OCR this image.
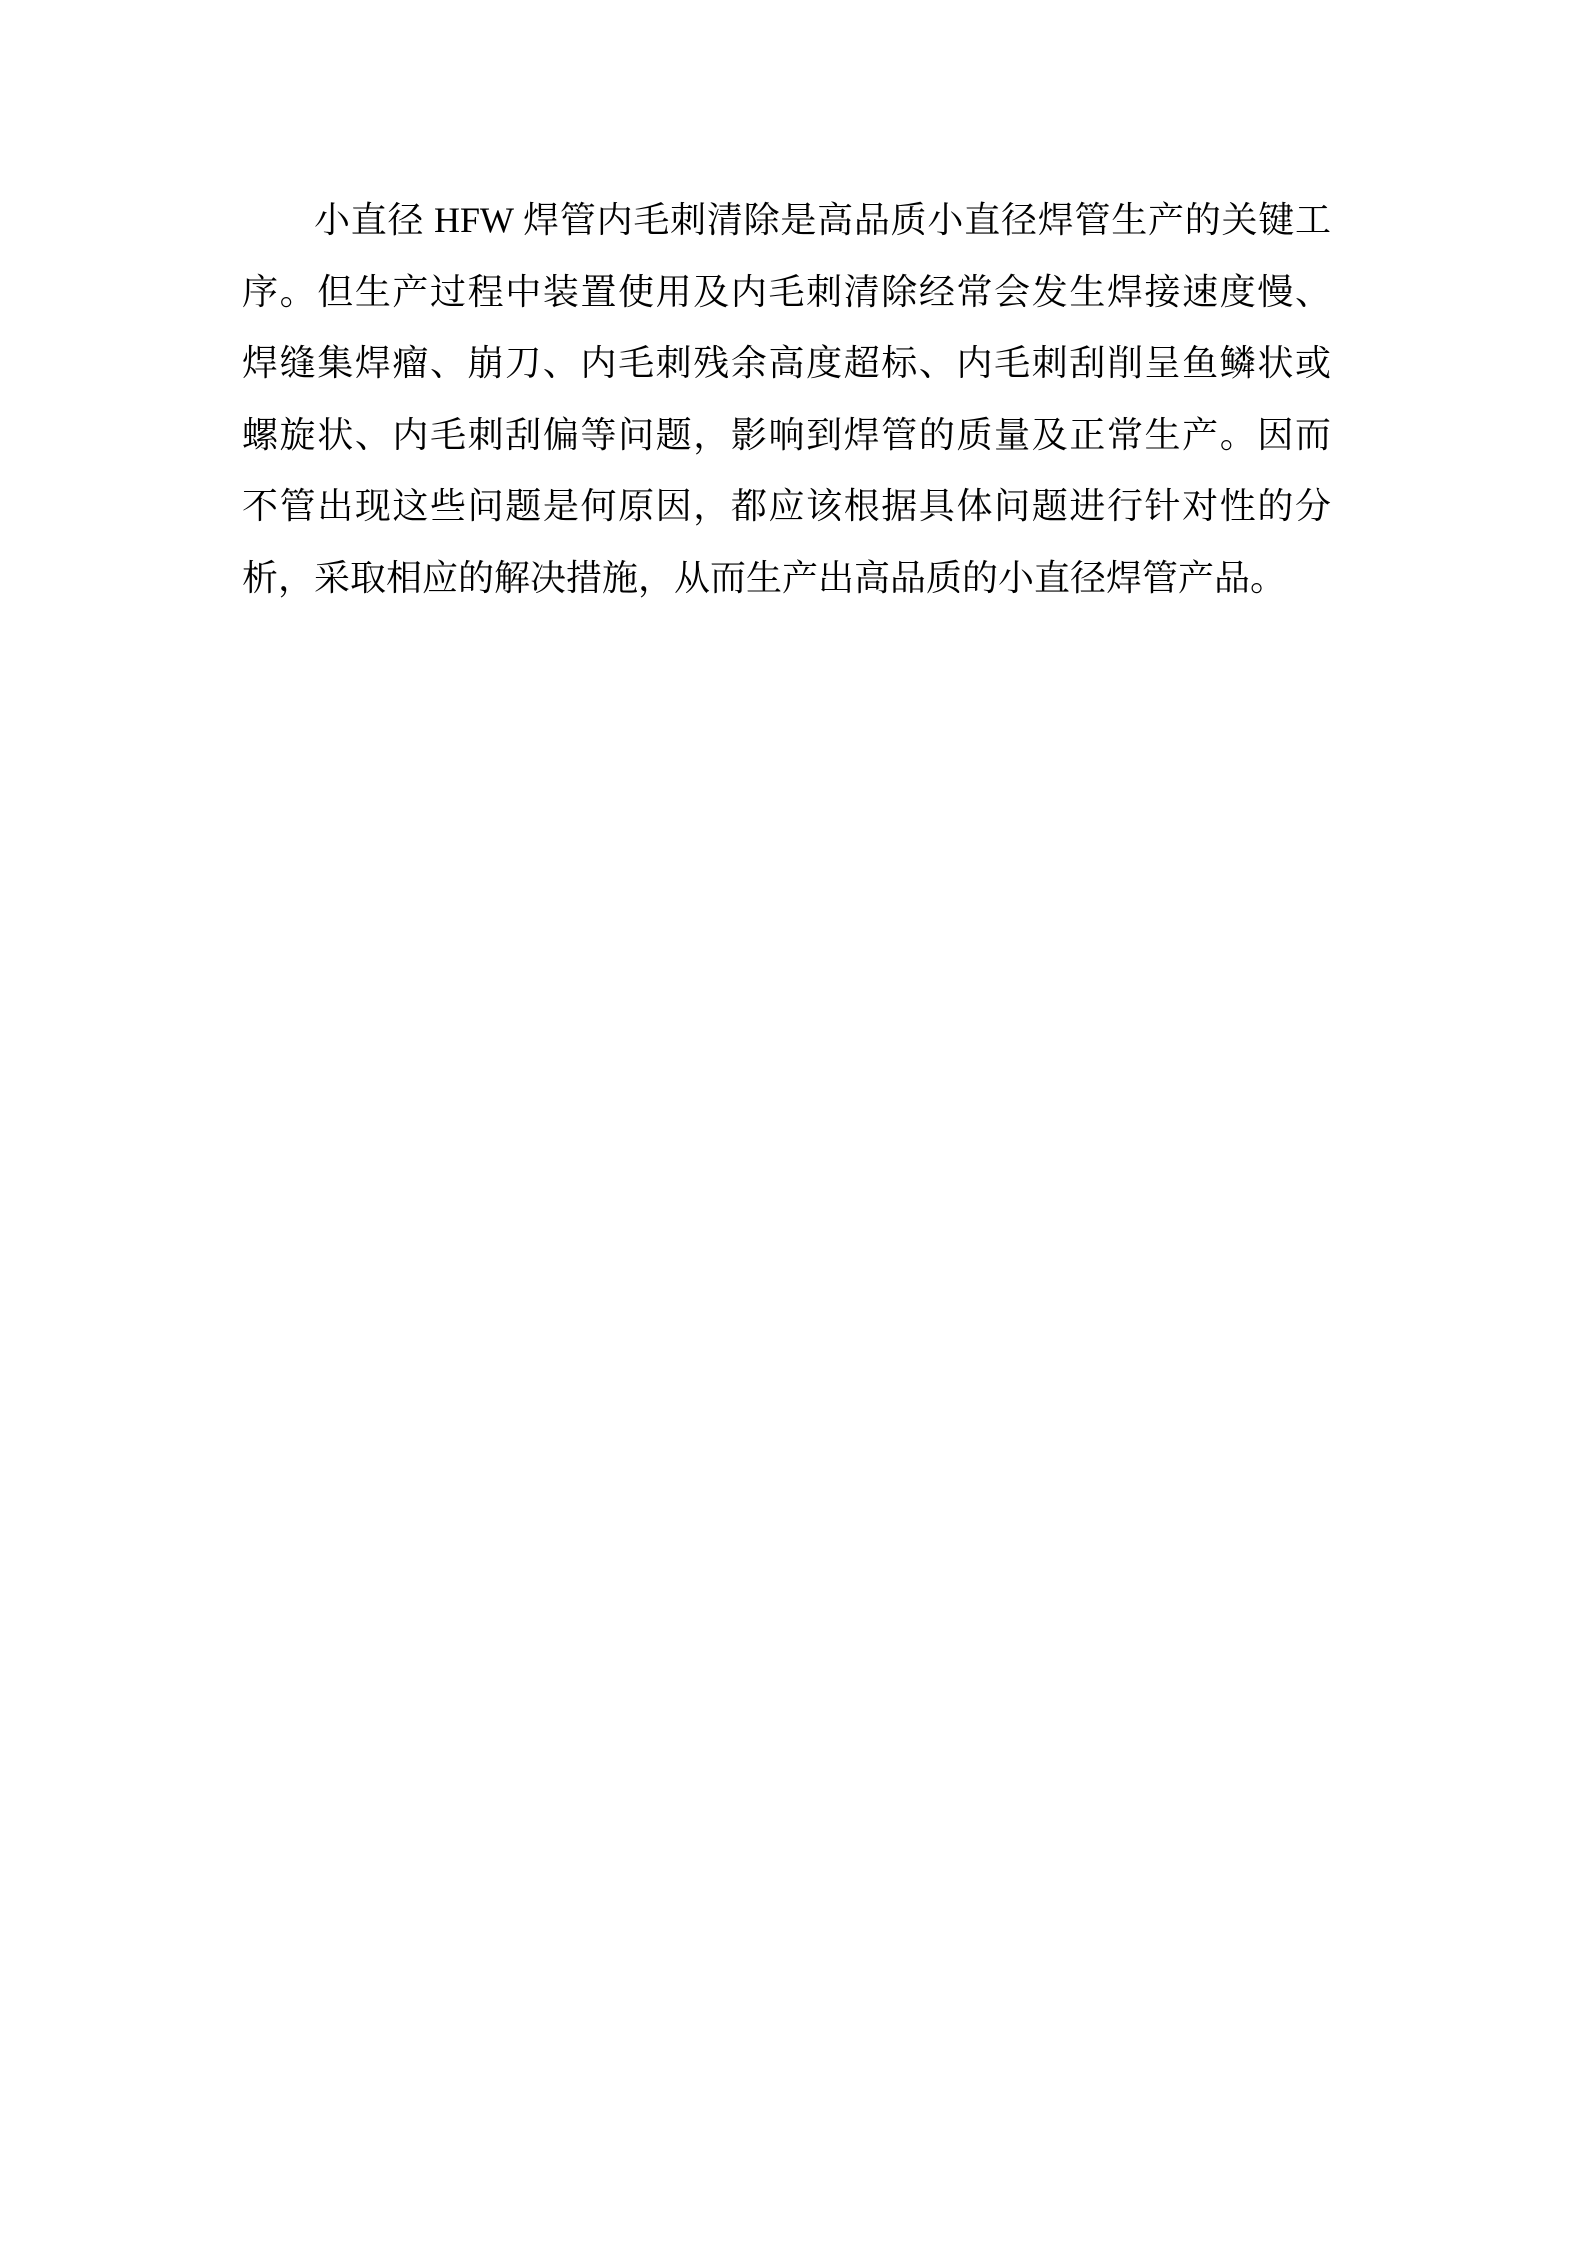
小直径 HFW 焊管内毛刺清除是高品质小直径焊管生产的关键工
序。但生产过程中装置使用及内毛刺清除经常会发生焊接速度慢、
焊缝集焊瘤、崩刀、内毛刺残余高度超标、内毛刺刮削呈鱼鳞状或
螺旋状、内毛刺刮偏等问题，影响到焊管的质量及正常生产。因而
不管出现这些问题是何原因，都应该根据具体问题进行针对性的分
析，采取相应的解决措施，从而生产出高品质的小直径焊管产品。
